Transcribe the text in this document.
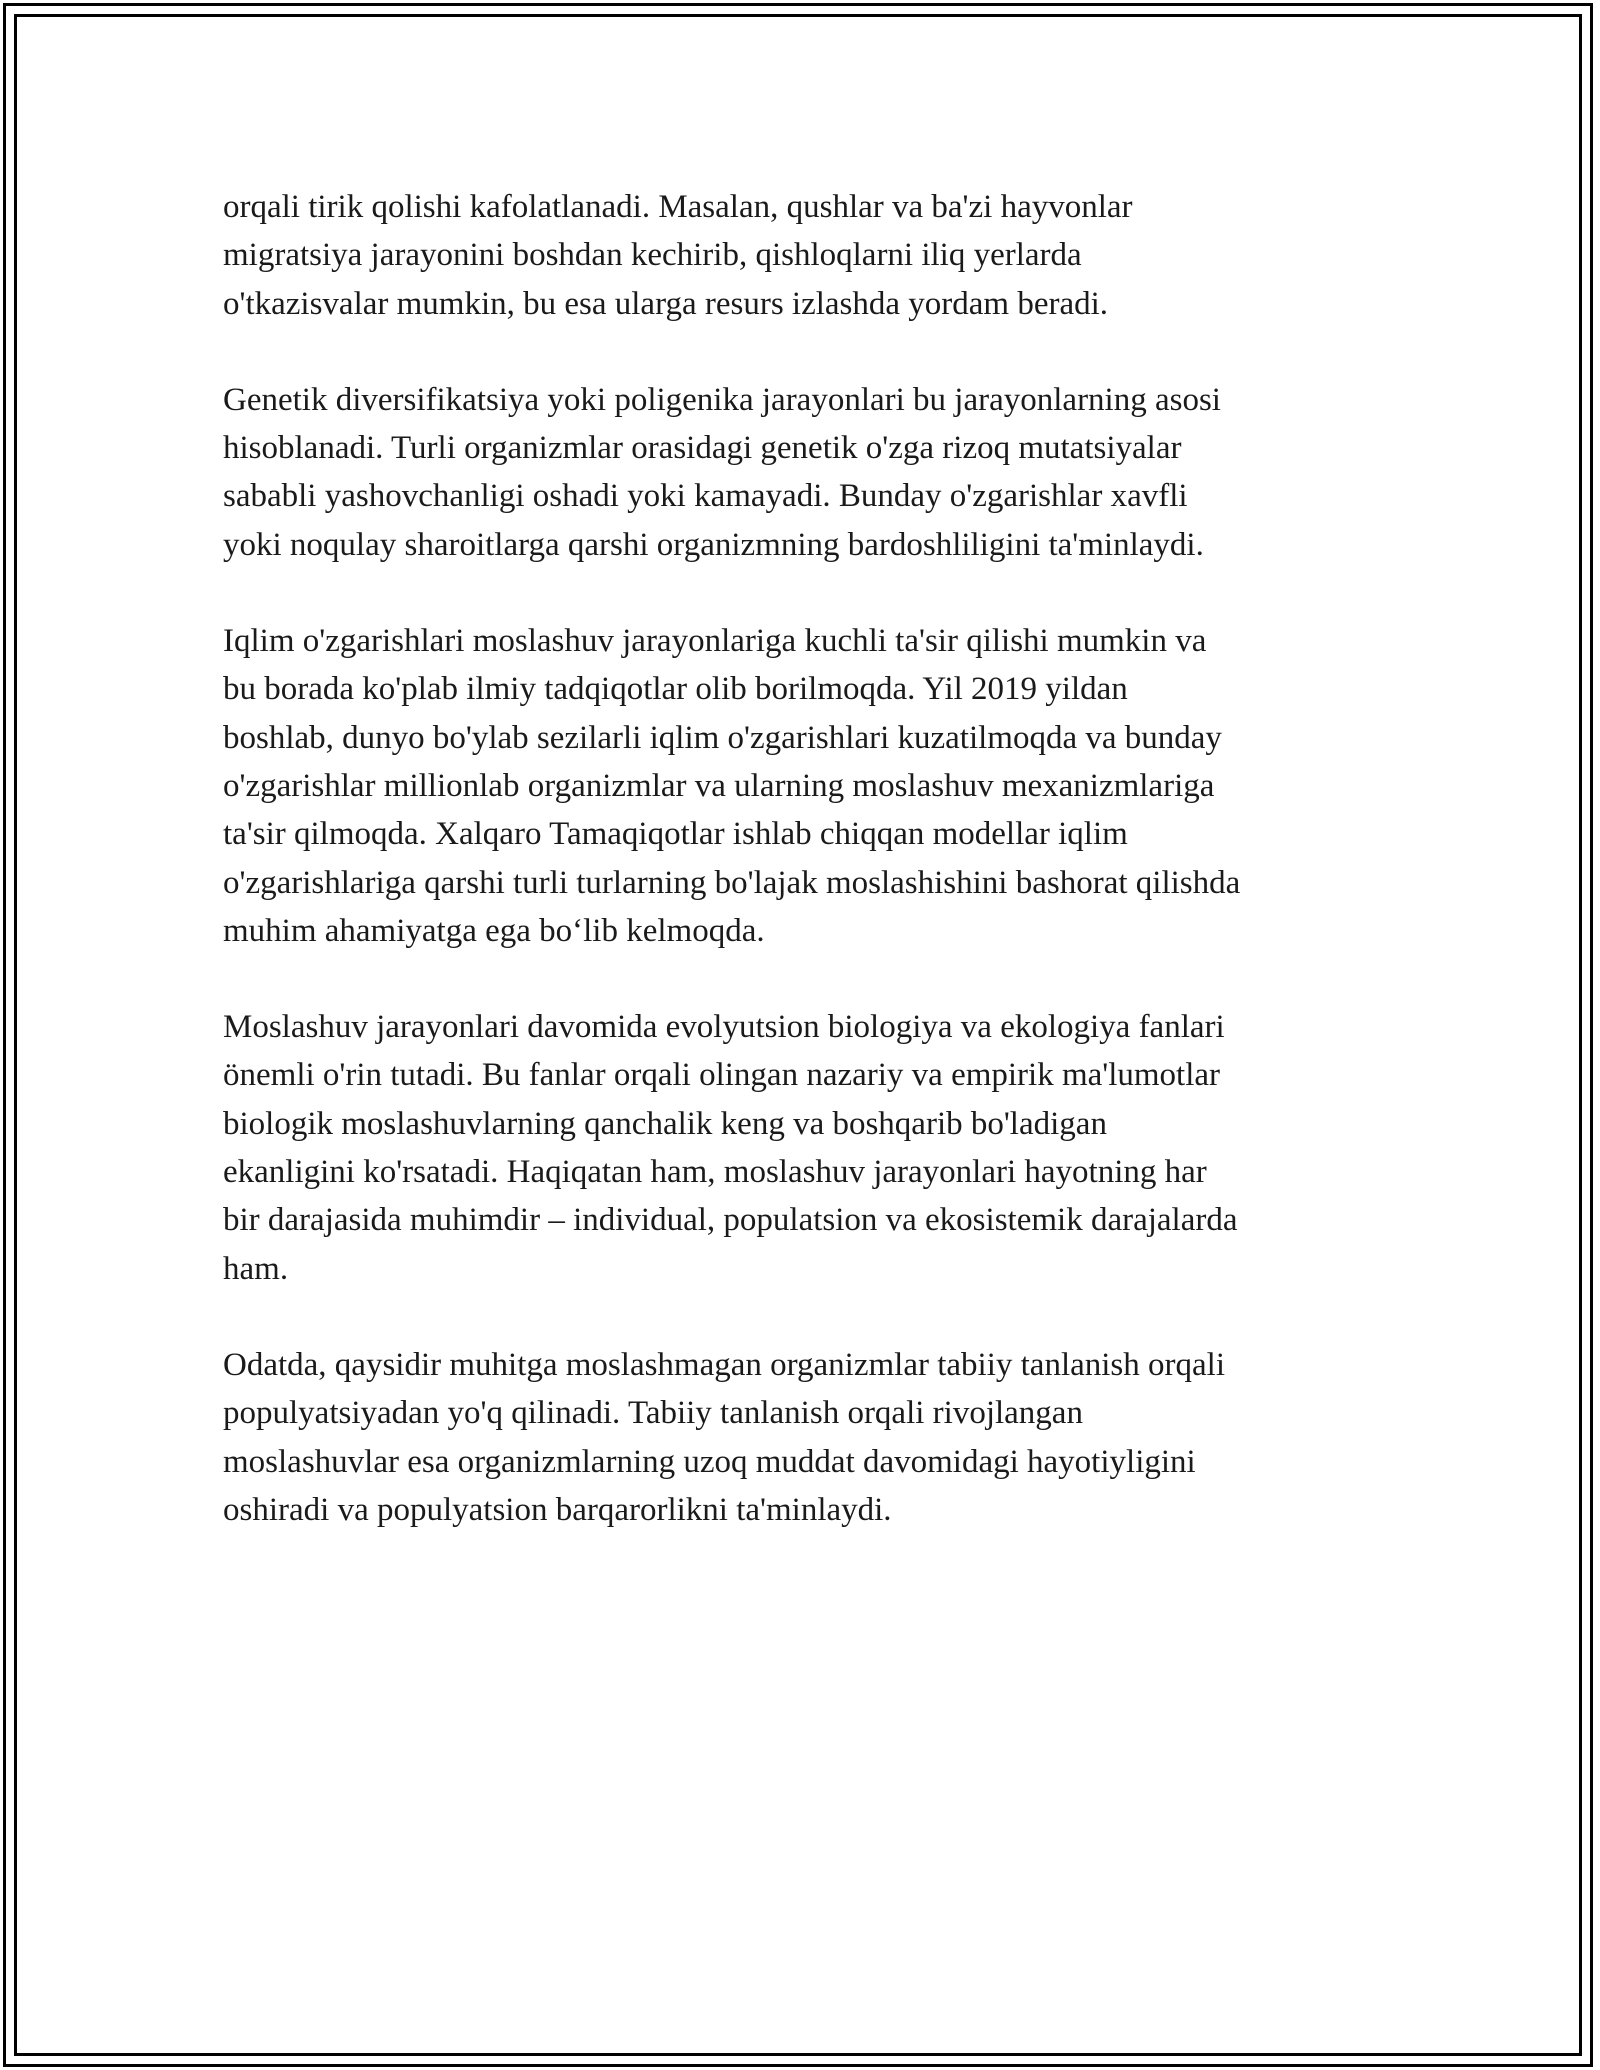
orqali tirik qolishi kafolatlanadi. Masalan, qushlar va ba'zi hayvonlar
migratsiya jarayonini boshdan kechirib, qishloqlarni iliq yerlarda
o'tkazisvalar mumkin, bu esa ularga resurs izlashda yordam beradi.

Genetik diversifikatsiya yoki poligenika jarayonlari bu jarayonlarning asosi
hisoblanadi. Turli organizmlar orasidagi genetik o'zga rizoq mutatsiyalar
sababli yashovchanligi oshadi yoki kamayadi. Bunday o'zgarishlar xavfli
yoki noqulay sharoitlarga qarshi organizmning bardoshliligini ta'minlaydi.

Iqlim o'zgarishlari moslashuv jarayonlariga kuchli ta'sir qilishi mumkin va
bu borada ko'plab ilmiy tadqiqotlar olib borilmoqda. Yil 2019 yildan
boshlab, dunyo bo'ylab sezilarli iqlim o'zgarishlari kuzatilmoqda va bunday
o'zgarishlar millionlab organizmlar va ularning moslashuv mexanizmlariga
ta'sir qilmoqda. Xalqaro Tamaqiqotlar ishlab chiqqan modellar iqlim
o'zgarishlariga qarshi turli turlarning bo'lajak moslashishini bashorat qilishda
muhim ahamiyatga ega bo‘lib kelmoqda.

Moslashuv jarayonlari davomida evolyutsion biologiya va ekologiya fanlari
önemli o'rin tutadi. Bu fanlar orqali olingan nazariy va empirik ma'lumotlar
biologik moslashuvlarning qanchalik keng va boshqarib bo'ladigan
ekanligini ko'rsatadi. Haqiqatan ham, moslashuv jarayonlari hayotning har
bir darajasida muhimdir – individual, populatsion va ekosistemik darajalarda
ham.

Odatda, qaysidir muhitga moslashmagan organizmlar tabiiy tanlanish orqali
populyatsiyadan yo'q qilinadi. Tabiiy tanlanish orqali rivojlangan
moslashuvlar esa organizmlarning uzoq muddat davomidagi hayotiyligini
oshiradi va populyatsion barqarorlikni ta'minlaydi.
